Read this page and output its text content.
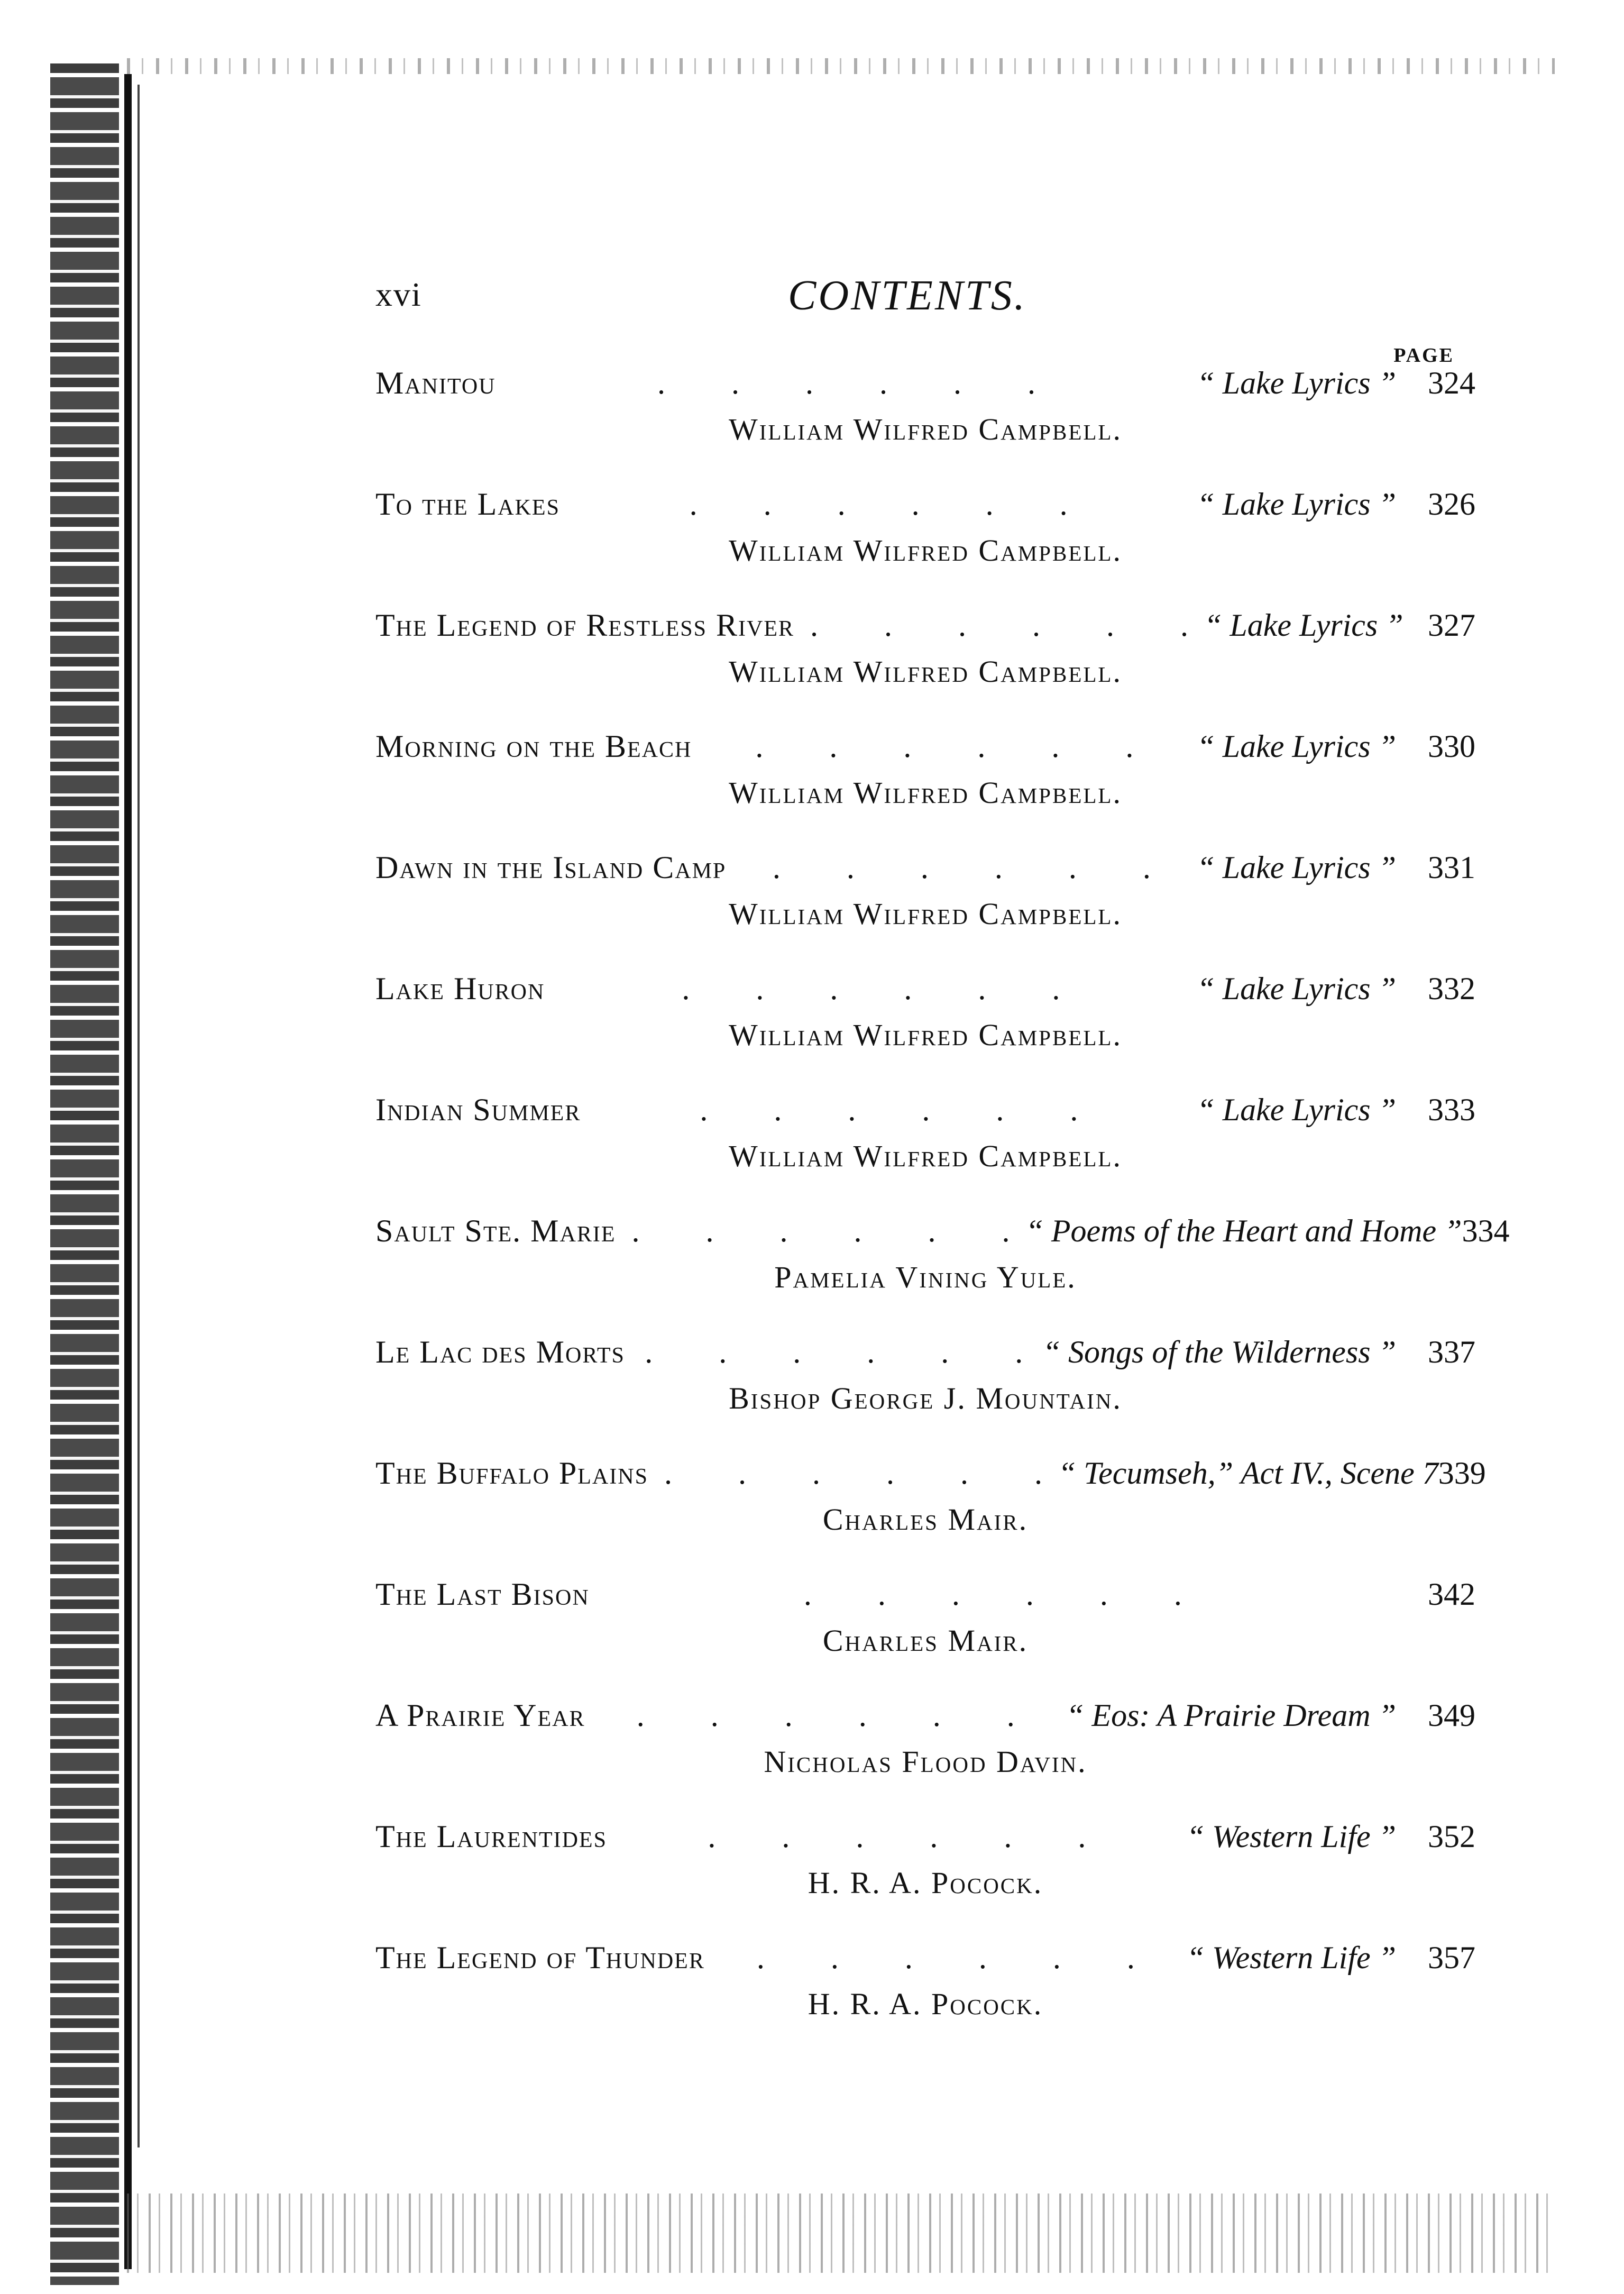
xvi	CONTENTS.
PAGE
Manitou	. . . . . .	“ Lake Lyrics ”	324
William Wilfred Campbell.
To the Lakes	. . . . . .	“ Lake Lyrics ”	326
William Wilfred Campbell.
The Legend of Restless River . . . . . . “ Lake Lyrics ” 327
William Wilfred Campbell.
Morning on the Beach	. . . . . .	“ Lake Lyrics ”	330
William Wilfred Campbell.
Dawn in the Island Camp	. . . . . .	“ Lake Lyrics ”	331
William Wilfred Campbell.
Lake Huron	. . . . . .	“ Lake Lyrics ”	332
William Wilfred Campbell.
Indian Summer	. . . . . .	“ Lake Lyrics ”	333
William Wilfred Campbell.
Sault Ste. Marie . . . . . . “ Poems of the Heart and Home ” 334
Pamelia Vining Yule.
Le Lac des Morts . . . . . . “ Songs of the Wilderness ”	337
Bishop George J. Mountain.
The Buffalo Plains . . . . . . “ Tecumseh,” Act IV., Scene 7 339
Charles Mair.
The Last Bison	. . . . . .	342
Charles Mair.
A Prairie Year	. . . . . .	“ Eos: A Prairie Dream ”	349
Nicholas Flood Davin.
The Laurentides	. . . . . .	“ Western Life ”	352
H. R. A. Pocock.
The Legend of Thunder	. . . . . .	“ Western Life ”	357
H. R. A. Pocock.
